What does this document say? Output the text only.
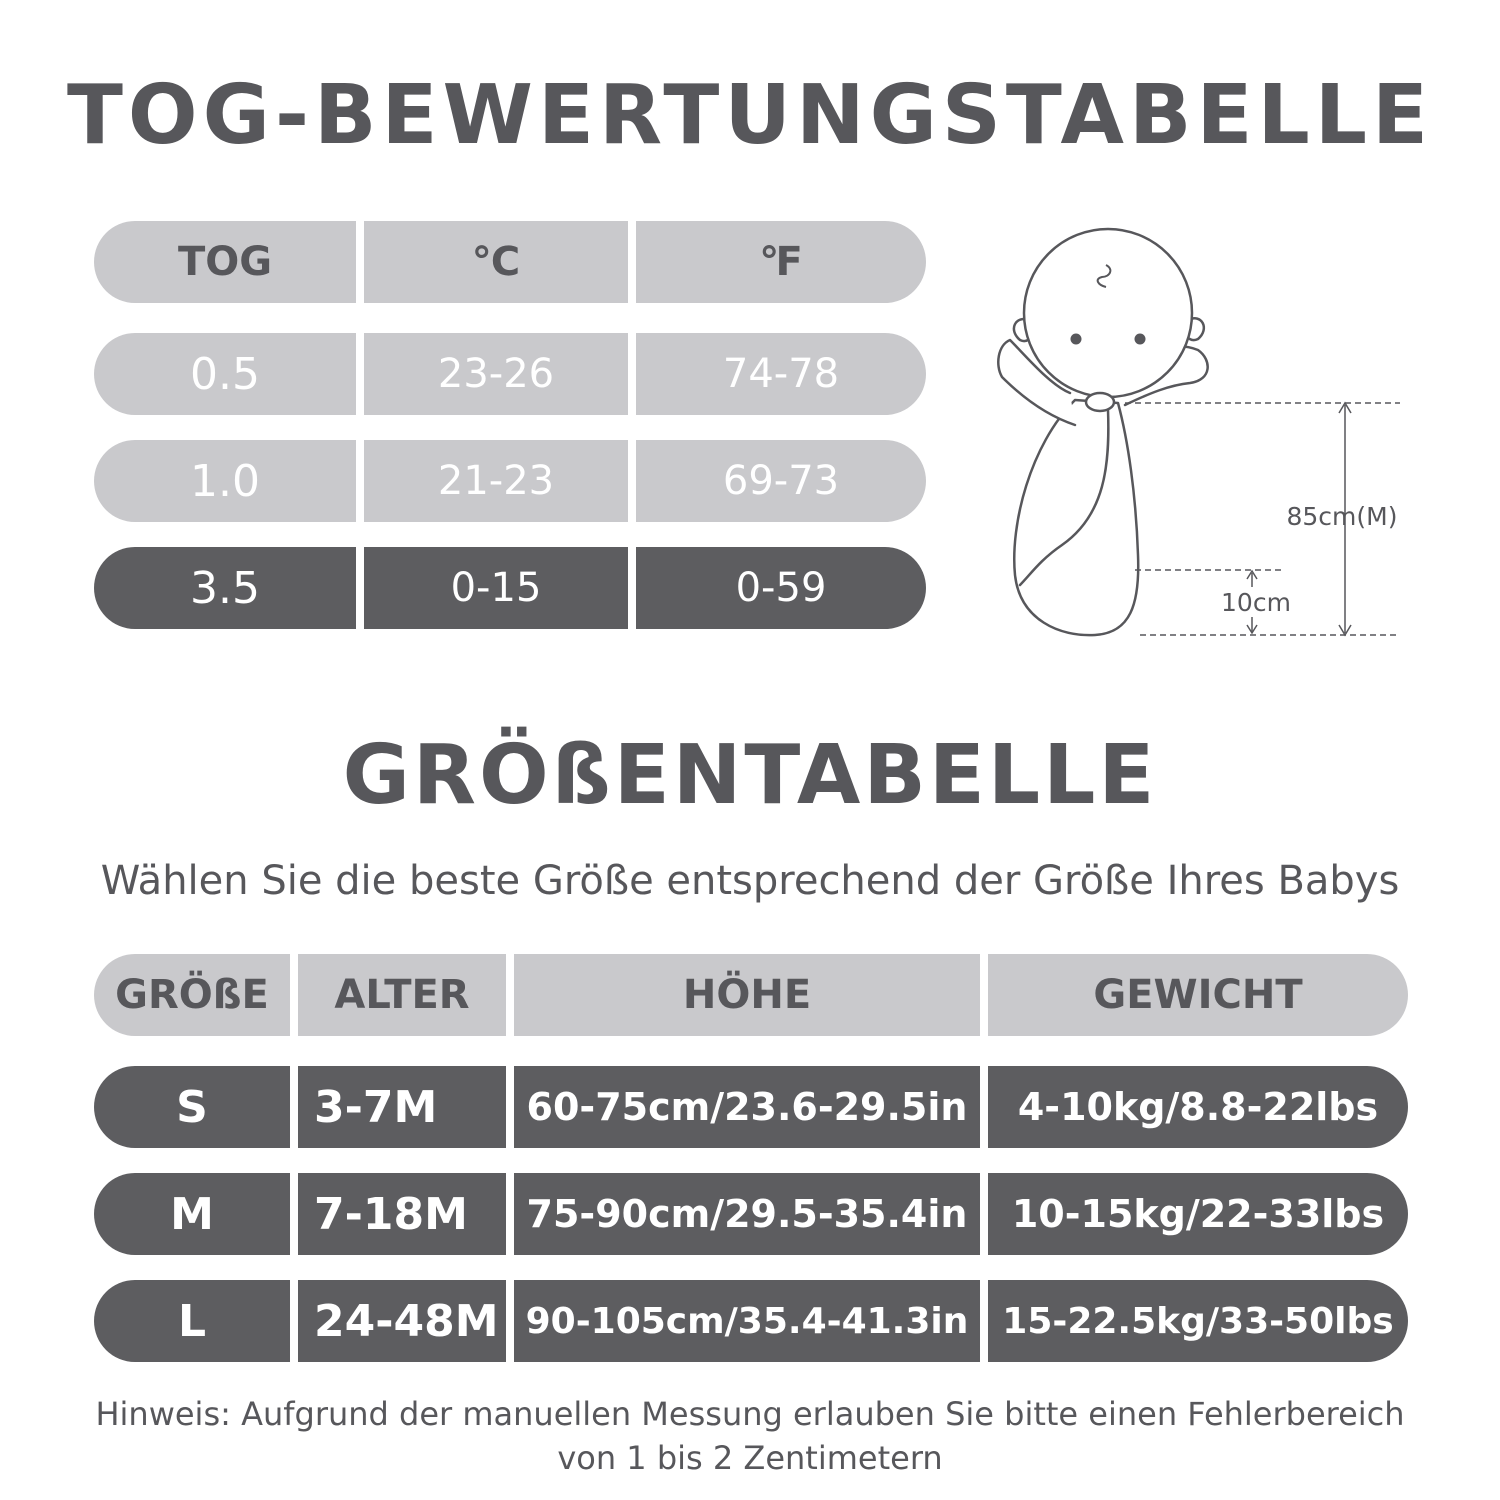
TOG-BEWERTUNGSTABELLE
TOG	℃	℉
0.5	23-26	74-78
1.0	21-23	69-73
3.5	0-15	0-59
85cm(M)
10cm
GRÖßENTABELLE

Wählen Sie die beste Größe entsprechend der Größe Ihres Babys

GRÖßE	ALTER	HÖHE	GEWICHT
S	3-7M	60-75cm/23.6-29.5in	4-10kg/8.8-22lbs
M	7-18M	75-90cm/29.5-35.4in	10-15kg/22-33lbs
L	24-48M 90-105cm/35.4-41.3in 15-22.5kg/33-50lbs
Hinweis: Aufgrund der manuellen Messung erlauben Sie bitte einen Fehlerbereich
von 1 bis 2 Zentimetern
